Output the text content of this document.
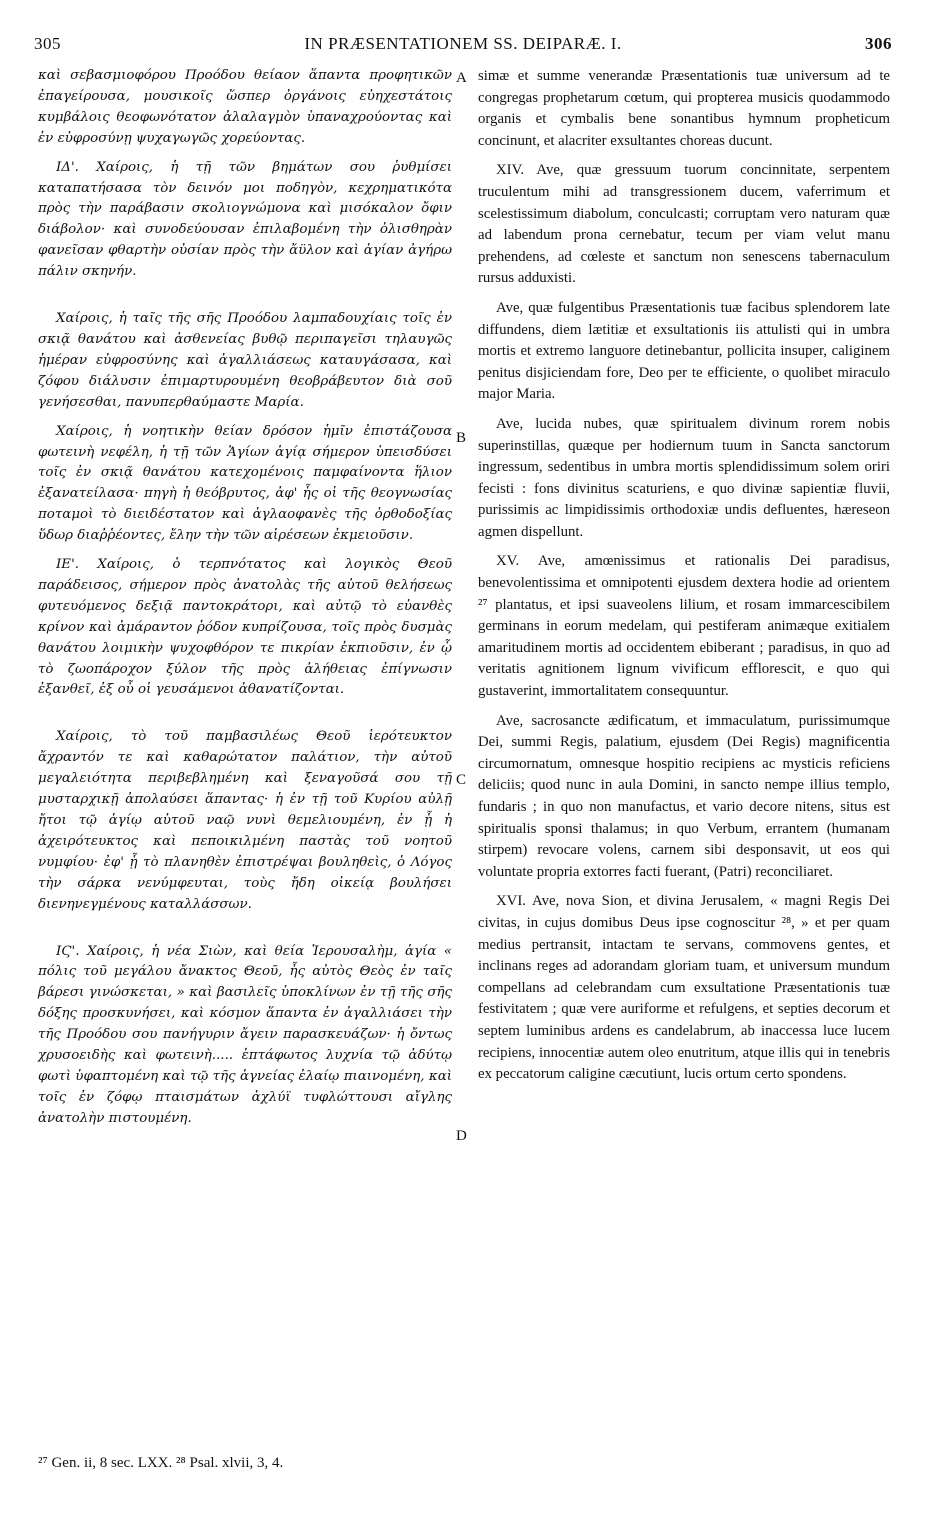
305	IN PRÆSENTATIONEM SS. DEIPARÆ. I.	306

καὶ σεβασμιοφόρου Προόδου θείαον ἅπαντα προφητικῶν ἐπαγείρουσα, μουσικοῖς ὥσπερ ὀργάνοις εὐηχεστάτοις κυμβάλοις θεοφωνότατον ἀλαλαγμὸν ὑπαναχρούοντας καὶ ἐν εὐφροσύνῃ ψυχαγωγῶς χορεύοντας.

ΙΔ'. Χαίροις, ἡ τῇ τῶν βημάτων σου ῥυθμίσει καταπατήσασα τὸν δεινόν μοι ποδηγὸν, κεχρηματικότα πρὸς τὴν παράβασιν σκολιογνώμονα καὶ μισόκαλον ὄφιν διάβολον· καὶ συνοδεύουσαν ἐπιλαβομένη τὴν ὀλισθηρὰν φανεῖσαν φθαρτὴν οὐσίαν πρὸς τὴν ἄϋλον καὶ ἁγίαν ἀγήρω πάλιν σκηνήν.

Χαίροις, ἡ ταῖς τῆς σῆς Προόδου λαμπαδουχίαις τοῖς ἐν σκιᾷ θανάτου καὶ ἀσθενείας βυθῷ περιπαγεῖσι τηλαυγῶς ἡμέραν εὐφροσύνης καὶ ἀγαλλιάσεως καταυγάσασα, καὶ ζόφου διάλυσιν ἐπιμαρτυρουμένη θεοβράβευτον διὰ σοῦ γενήσεσθαι, πανυπερθαύμαστε Μαρία.

Χαίροις, ἡ νοητικὴν θείαν δρόσον ἡμῖν ἐπιστάζουσα φωτεινὴ νεφέλη, ἡ τῇ τῶν Ἁγίων ἁγίᾳ σήμερον ὑπεισδύσει τοῖς ἐν σκιᾷ θανάτου κατεχομένοις παμφαίνοντα ἥλιον ἐξανατείλασα· πηγὴ ἡ θεόβρυτος, ἀφ' ἧς οἱ τῆς θεογνωσίας ποταμοὶ τὸ διειδέστατον καὶ ἀγλαοφανὲς τῆς ὀρθοδοξίας ὕδωρ διαῤῥέοντες, ἔλην τὴν τῶν αἱρέσεων ἐκμειοῦσιν.

ΙΕ'. Χαίροις, ὁ τερπνότατος καὶ λογικὸς Θεοῦ παράδεισος, σήμερον πρὸς ἀνατολὰς τῆς αὐτοῦ θελήσεως φυτευόμενος δεξιᾷ παντοκράτορι, καὶ αὐτῷ τὸ εὐανθὲς κρίνον καὶ ἀμάραντον ῥόδον κυπρίζουσα, τοῖς πρὸς δυσμὰς θανάτου λοιμικὴν ψυχοφθόρον τε πικρίαν ἐκπιοῦσιν, ἐν ᾧ τὸ ζωοπάροχον ξύλον τῆς πρὸς ἀλήθειας ἐπίγνωσιν ἐξανθεῖ, ἐξ οὗ οἱ γευσάμενοι ἀθανατίζονται.

Χαίροις, τὸ τοῦ παμβασιλέως Θεοῦ ἱερότευκτον ἄχραντόν τε καὶ καθαρώτατον παλάτιον, τὴν αὐτοῦ μεγαλειότητα περιβεβλημένη καὶ ξεναγοῦσά σου τῇ μυσταρχικῇ ἀπολαύσει ἅπαντας· ἡ ἐν τῇ τοῦ Κυρίου αὐλῇ ἤτοι τῷ ἁγίῳ αὐτοῦ ναῷ νυνὶ θεμελιουμένη, ἐν ᾗ ἡ ἀχειρότευκτος καὶ πεποικιλμένη παστὰς τοῦ νοητοῦ νυμφίου· ἐφ' ᾗ τὸ πλανηθὲν ἐπιστρέψαι βουληθεὶς, ὁ Λόγος τὴν σάρκα νενύμφευται, τοὺς ἤδη οἰκείᾳ βουλήσει διενηνεγμένους καταλλάσσων.

ΙϚ'. Χαίροις, ἡ νέα Σιὼν, καὶ θεία Ἱερουσαλὴμ, ἁγία « πόλις τοῦ μεγάλου ἄνακτος Θεοῦ, ἧς αὐτὸς Θεὸς ἐν ταῖς βάρεσι γινώσκεται, » καὶ βασιλεῖς ὑποκλίνων ἐν τῇ τῆς σῆς δόξης προσκυνήσει, καὶ κόσμον ἅπαντα ἐν ἀγαλλιάσει τὴν τῆς Προόδου σου πανήγυριν ἄγειν παρασκευάζων· ἡ ὄντως χρυσοειδὴς καὶ φωτεινὴ..... ἑπτάφωτος λυχνία τῷ ἀδύτῳ φωτὶ ὑφαπτομένη καὶ τῷ τῆς ἁγνείας ἐλαίῳ πιαινομένη, καὶ τοῖς ἐν ζόφῳ πταισμάτων ἀχλύϊ τυφλώττουσι αἴγλης ἀνατολὴν πιστουμένη.

A
B
C
D

simæ et summe venerandæ Præsentationis tuæ universum ad te congregas prophetarum cœtum, qui propterea musicis quodammodo organis et cymbalis bene sonantibus hymnum propheticum concinunt, et alacriter exsultantes choreas ducunt.

XIV. Ave, quæ gressuum tuorum concinnitate, serpentem truculentum mihi ad transgressionem ducem, vaferrimum et scelestissimum diabolum, conculcasti; corruptam vero naturam quæ ad labendum prona cernebatur, tecum per viam velut manu prehendens, ad cœleste et sanctum non senescens tabernaculum rursus adduxisti.

Ave, quæ fulgentibus Præsentationis tuæ facibus splendorem late diffundens, diem lætitiæ et exsultationis iis attulisti qui in umbra mortis et extremo languore detinebantur, pollicita insuper, caliginem penitus disjiciendam fore, Deo per te efficiente, o quolibet miraculo major Maria.

Ave, lucida nubes, quæ spiritualem divinum rorem nobis superinstillas, quæque per hodiernum tuum in Sancta sanctorum ingressum, sedentibus in umbra mortis splendidissimum solem oriri fecisti : fons divinitus scaturiens, e quo divinæ sapientiæ fluvii, purissimis ac limpidissimis orthodoxiæ undis defluentes, hæreseon agmen dispellunt.

XV. Ave, amœnissimus et rationalis Dei paradisus, benevolentissima et omnipotenti ejusdem dextera hodie ad orientem ²⁷ plantatus, et ipsi suaveolens lilium, et rosam immarcescibilem germinans in eorum medelam, qui pestiferam animæque exitialem amaritudinem mortis ad occidentem ebiberant ; paradisus, in quo ad veritatis agnitionem lignum vivificum efflorescit, e quo qui gustaverint, immortalitatem consequuntur.

Ave, sacrosancte ædificatum, et immaculatum, purissimumque Dei, summi Regis, palatium, ejusdem (Dei Regis) magnificentia circumornatum, omnesque hospitio recipiens ac mysticis reficiens deliciis; quod nunc in aula Domini, in sancto nempe illius templo, fundaris ; in quo non manufactus, et vario decore nitens, situs est spiritualis sponsi thalamus; in quo Verbum, errantem (humanam stirpem) revocare volens, carnem sibi desponsavit, ut eos qui voluntate propria extorres facti fuerant, (Patri) reconciliaret.

XVI. Ave, nova Sion, et divina Jerusalem, « magni Regis Dei civitas, in cujus domibus Deus ipse cognoscitur ²⁸, » et per quam medius pertransit, intactam te servans, commovens gentes, et inclinans reges ad adorandam gloriam tuam, et universum mundum compellans ad celebrandam cum exsultatione Præsentationis tuæ festivitatem ; quæ vere auriforme et refulgens, et septies decorum et septem luminibus ardens es candelabrum, ab inaccessa luce lucem recipiens, innocentiæ autem oleo enutritum, atque illis qui in tenebris ex peccatorum caligine cæcutiunt, lucis ortum certo spondens.

²⁷ Gen. ii, 8 sec. LXX. ²⁸ Psal. xlvii, 3, 4.
